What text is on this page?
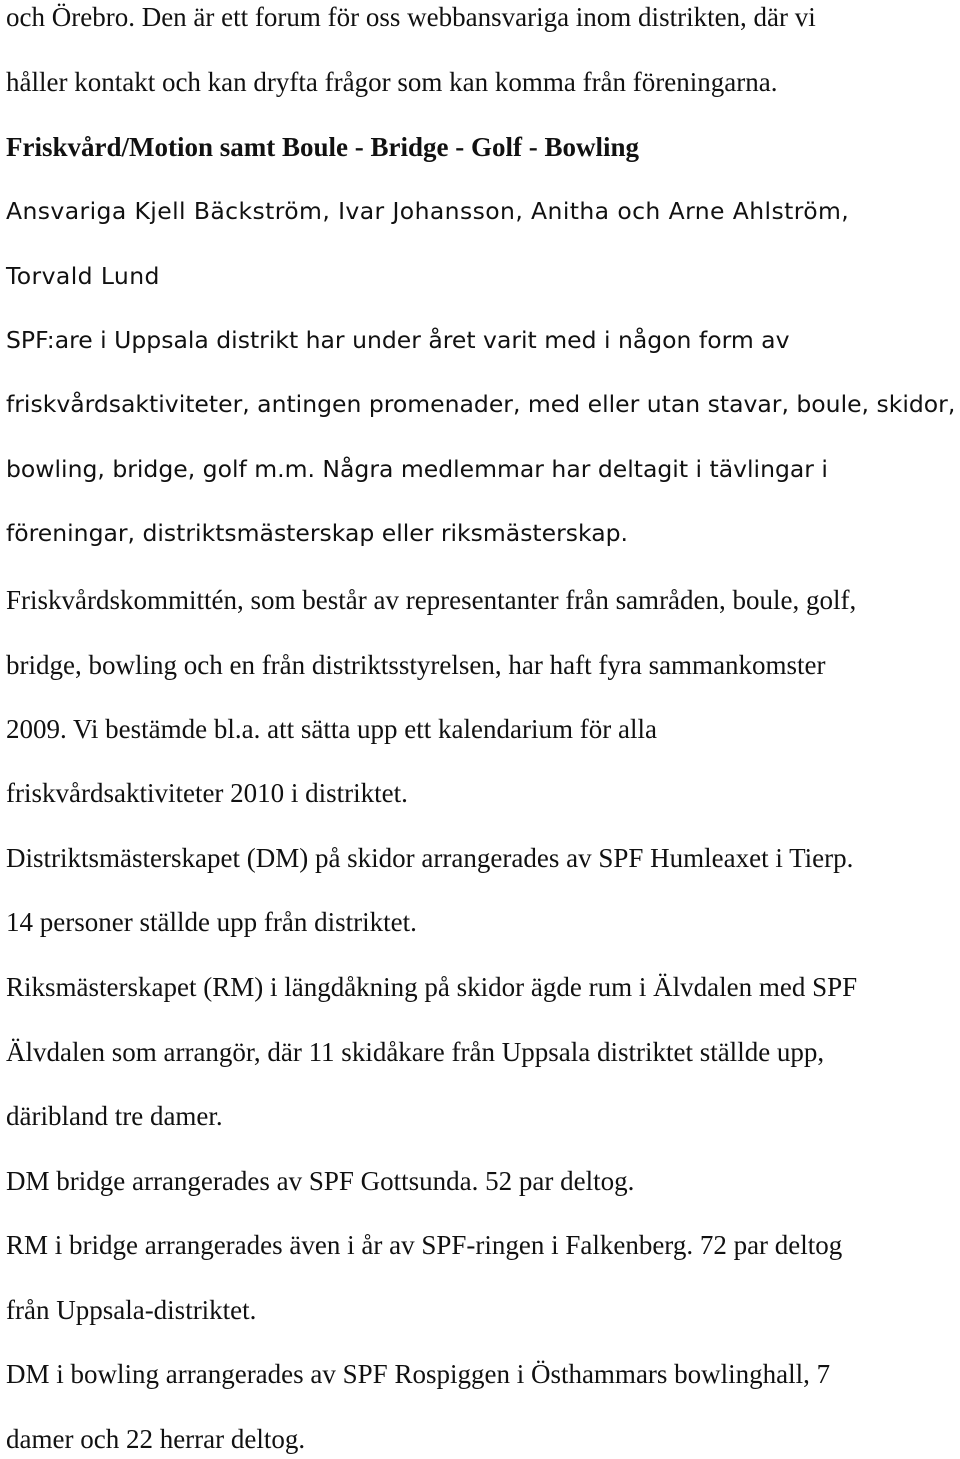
och Örebro. Den är ett forum för oss webbansvariga inom distrikten, där vi
håller kontakt och kan dryfta frågor som kan komma från föreningarna.
Friskvård/Motion samt Boule - Bridge - Golf - Bowling
Ansvariga Kjell Bäckström, Ivar Johansson, Anitha och Arne Ahlström,
Torvald Lund
SPF:are i Uppsala distrikt har under året varit med i någon form av
friskvårdsaktiviteter, antingen promenader, med eller utan stavar, boule, skidor,
bowling, bridge, golf m.m. Några medlemmar har deltagit i tävlingar i
föreningar, distriktsmästerskap eller riksmästerskap.
Friskvårdskommittén, som består av representanter från samråden, boule, golf,
bridge, bowling och en från distriktsstyrelsen, har haft fyra sammankomster
2009. Vi bestämde bl.a. att sätta upp ett kalendarium för alla
friskvårdsaktiviteter 2010 i distriktet.
Distriktsmästerskapet (DM) på skidor arrangerades av SPF Humleaxet i Tierp.
14 personer ställde upp från distriktet.
Riksmästerskapet (RM) i längdåkning på skidor ägde rum i Älvdalen med SPF
Älvdalen som arrangör, där 11 skidåkare från Uppsala distriktet ställde upp,
däribland tre damer.
DM bridge arrangerades av SPF Gottsunda. 52 par deltog.
RM i bridge arrangerades även i år av SPF-ringen i Falkenberg. 72 par deltog
från Uppsala-distriktet.
DM i bowling arrangerades av SPF Rospiggen i Östhammars bowlinghall, 7
damer och 22 herrar deltog.
